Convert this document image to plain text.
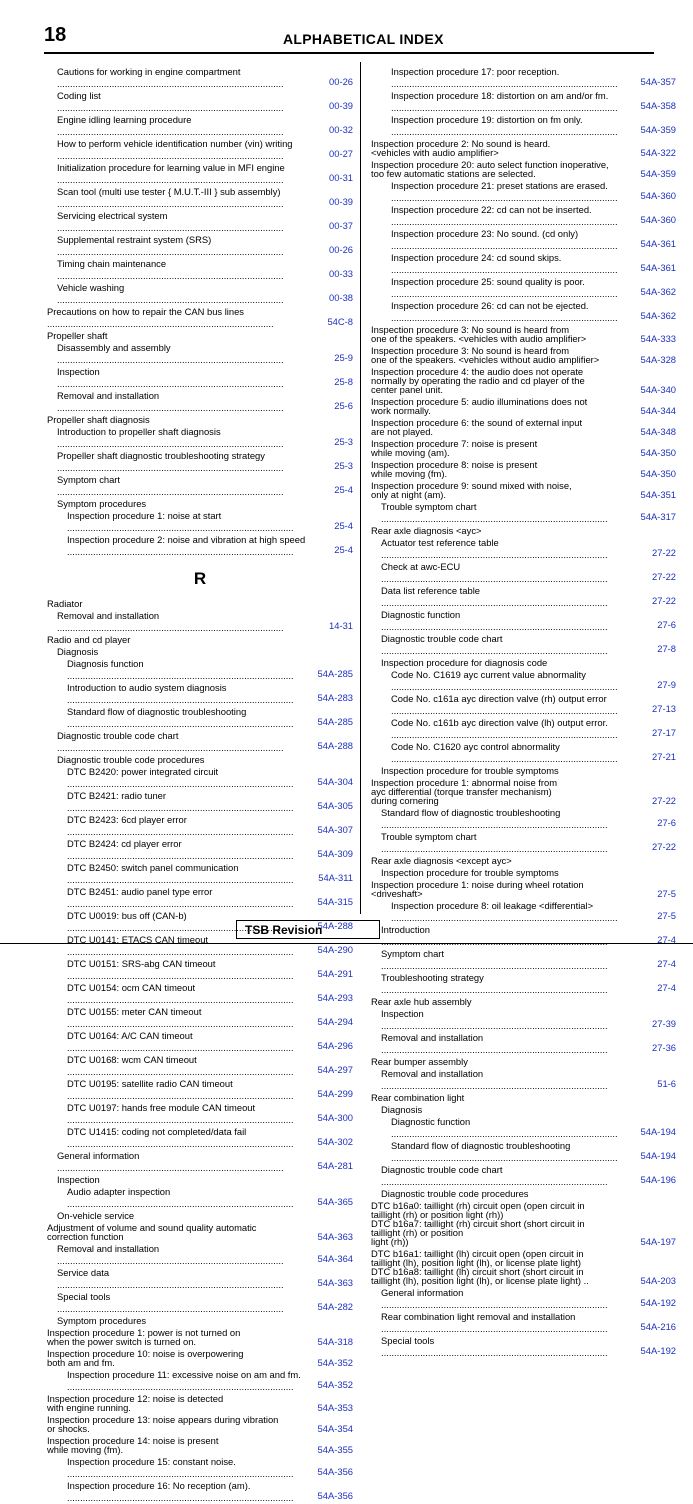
18	ALPHABETICAL INDEX
Cautions for working in engine compartment
.....
00-26
Coding list
.....
00-39
Engine idling learning procedure
.....
00-32
How to perform vehicle identification number (vin) writing
.....
00-27
Initialization procedure for learning value in MFI engine
.....
00-31
Scan tool (multi use tester { M.U.T.-III } sub assembly)
.....
00-39
Servicing electrical system
.....
00-37
Supplemental restraint system (SRS)
.....
00-26
Timing chain maintenance
.....
00-33
Vehicle washing
.....
00-38
Precautions on how to repair the CAN bus lines
.....
54C-8
Propeller shaft
Disassembly and assembly
.....
25-9
Inspection
.....
25-8
Removal and installation
.....
25-6
Propeller shaft diagnosis
Introduction to propeller shaft diagnosis
.....
25-3
Propeller shaft diagnostic troubleshooting strategy
.....
25-3
Symptom chart
.....
25-4
Symptom procedures
Inspection procedure 1: noise at start
.....
25-4
Inspection procedure 2: noise and vibration at high speed
.....
25-4
R
Radiator
Removal and installation
.....
14-31
Radio and cd player
Diagnosis
Diagnosis function
.....
54A-285
Introduction to audio system diagnosis
.....
54A-283
Standard flow of diagnostic troubleshooting
.....
54A-285
Diagnostic trouble code chart
.....
54A-288
Diagnostic trouble code procedures
DTC B2420: power integrated circuit
.....
54A-304
DTC B2421: radio tuner
.....
54A-305
DTC B2423: 6cd player error
.....
54A-307
DTC B2424: cd player error
.....
54A-309
DTC B2450: switch panel communication
.....
54A-311
DTC B2451: audio panel type error
.....
54A-315
DTC U0019: bus off (CAN-b)
.....
54A-288
DTC U0141: ETACS CAN timeout
.....
54A-290
DTC U0151: SRS-abg CAN timeout
.....
54A-291
DTC U0154: ocm CAN timeout
.....
54A-293
DTC U0155: meter CAN timeout
.....
54A-294
DTC U0164: A/C CAN timeout
.....
54A-296
DTC U0168: wcm CAN timeout
.....
54A-297
DTC U0195: satellite radio CAN timeout
.....
54A-299
DTC U0197: hands free module CAN timeout
.....
54A-300
DTC U1415: coding not completed/data fail
.....
54A-302
General information
.....
54A-281
Inspection
Audio adapter inspection
.....
54A-365
On-vehicle service
Adjustment of volume and sound quality automatic
correction function	54A-363
Removal and installation
.....
54A-364
Service data
.....
54A-363
Special tools
.....
54A-282
Symptom procedures
Inspection procedure 1: power is not turned on
when the power switch is turned on.	54A-318
Inspection procedure 10: noise is overpowering
both am and fm.	54A-352
Inspection procedure 11: excessive noise on am and fm.
.....
54A-352
Inspection procedure 12: noise is detected
with engine running.	54A-353
Inspection procedure 13: noise appears during vibration
or shocks.	54A-354
Inspection procedure 14: noise is present
while moving (fm).	54A-355
Inspection procedure 15: constant noise.
.....
54A-356
Inspection procedure 16: No reception (am).
.....
54A-356
Inspection procedure 17: poor reception.
.....
54A-357
Inspection procedure 18: distortion on am and/or fm.
.....
54A-358
Inspection procedure 19: distortion on fm only.
.....
54A-359
Inspection procedure 2: No sound is heard.
<vehicles with audio amplifier>	54A-322
Inspection procedure 20: auto select function inoperative,
too few automatic stations are selected.	54A-359
Inspection procedure 21: preset stations are erased.
.....
54A-360
Inspection procedure 22: cd can not be inserted.
.....
54A-360
Inspection procedure 23: No sound. (cd only)
.....
54A-361
Inspection procedure 24: cd sound skips.
.....
54A-361
Inspection procedure 25: sound quality is poor.
.....
54A-362
Inspection procedure 26: cd can not be ejected.
.....
54A-362
Inspection procedure 3: No sound is heard from
one of the speakers. <vehicles with audio amplifier>	54A-333
Inspection procedure 3: No sound is heard from
one of the speakers. <vehicles without audio amplifier>	54A-328
Inspection procedure 4: the audio does not operate
normally by operating the radio and cd player of the
center panel unit.	54A-340
Inspection procedure 5: audio illuminations does not
work normally.	54A-344
Inspection procedure 6: the sound of external input
are not played.	54A-348
Inspection procedure 7: noise is present
while moving (am).	54A-350
Inspection procedure 8: noise is present
while moving (fm).	54A-350
Inspection procedure 9: sound mixed with noise,
only at night (am).	54A-351
Trouble symptom chart
.....
54A-317
Rear axle diagnosis <ayc>
Actuator test reference table
.....
27-22
Check at awc-ECU
.....
27-22
Data list reference table
.....
27-22
Diagnostic function
.....
27-6
Diagnostic trouble code chart
.....
27-8
Inspection procedure for diagnosis code
Code No. C1619 ayc current value abnormality
.....
27-9
Code No. c161a ayc direction valve (rh) output error
.....
27-13
Code No. c161b ayc direction valve (lh) output error.
.....
27-17
Code No. C1620 ayc control abnormality
.....
27-21
Inspection procedure for trouble symptoms
Inspection procedure 1: abnormal noise from
ayc differential (torque transfer mechanism)
during cornering	27-22
Standard flow of diagnostic troubleshooting
.....
27-6
Trouble symptom chart
.....
27-22
Rear axle diagnosis <except ayc>
Inspection procedure for trouble symptoms
Inspection procedure 1: noise during wheel rotation
<driveshaft>	27-5
Inspection procedure 8: oil leakage <differential>
.....
27-5
Introduction
.....
27-4
Symptom chart
.....
27-4
Troubleshooting strategy
.....
27-4
Rear axle hub assembly
Inspection
.....
27-39
Removal and installation
.....
27-36
Rear bumper assembly
Removal and installation
.....
51-6
Rear combination light
Diagnosis
Diagnostic function
.....
54A-194
Standard flow of diagnostic troubleshooting
.....
54A-194
Diagnostic trouble code chart
.....
54A-196
Diagnostic trouble code procedures
DTC b16a0: taillight (rh) circuit open (open circuit in
taillight (rh) or position light (rh))
DTC b16a7: taillight (rh) circuit short (short circuit in
taillight (rh) or position
light (rh))	54A-197
DTC b16a1: taillight (lh) circuit open (open circuit in
taillight (lh), position light (lh), or license plate light)
DTC b16a8: taillight (lh) circuit short (short circuit in
taillight (lh), position light (lh), or license plate light) ..	54A-203
General information
.....
54A-192
Rear combination light removal and installation
.....
54A-216
Special tools
.....
54A-192
TSB Revision
